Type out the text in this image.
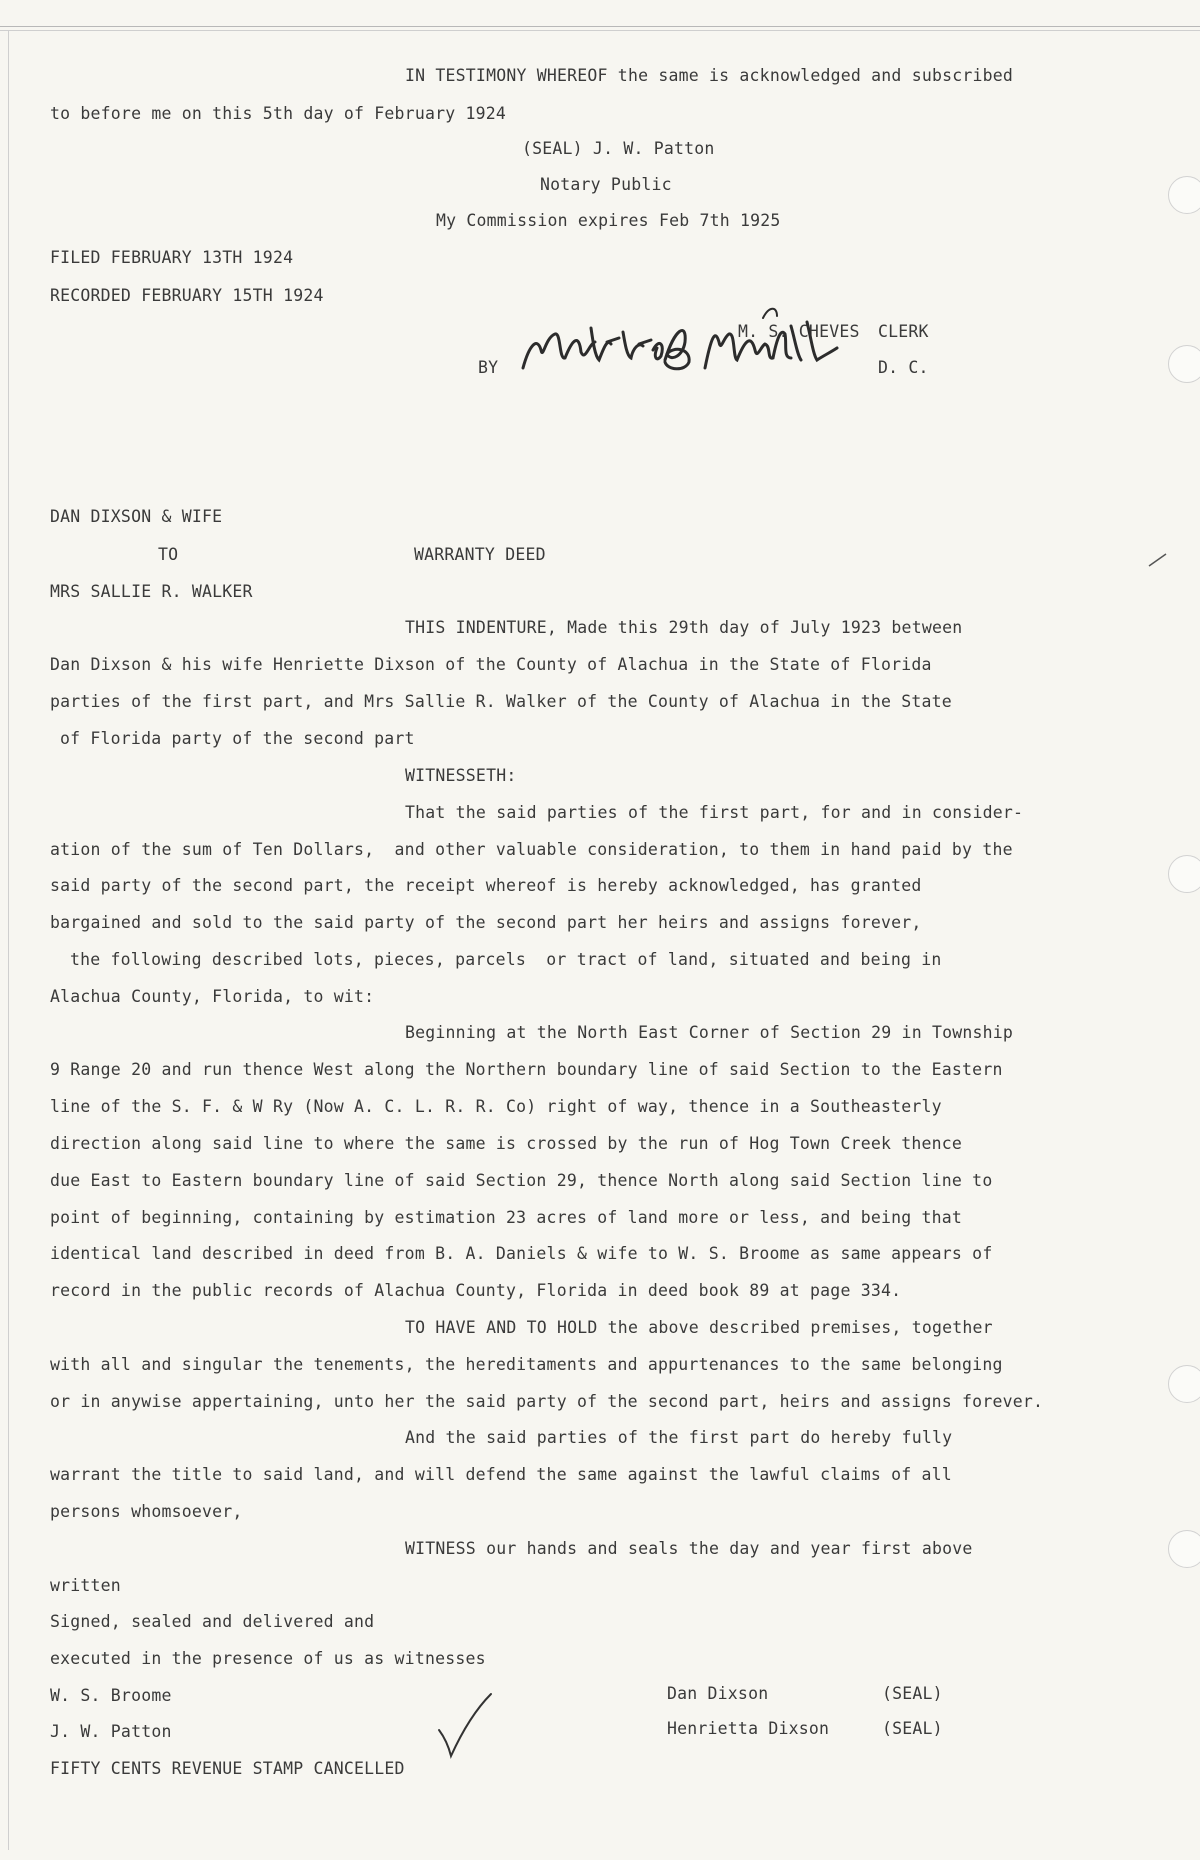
IN TESTIMONY WHEREOF the same is acknowledged and subscribed
to before me on this 5th day of February 1924
(SEAL) J. W. Patton
Notary Public
My Commission expires Feb 7th 1925
FILED FEBRUARY 13TH 1924
RECORDED FEBRUARY 15TH 1924
M. S. CHEVES CLERK
BY	D. C.
DAN DIXSON & WIFE
TO	WARRANTY DEED
MRS SALLIE R. WALKER
THIS INDENTURE, Made this 29th day of July 1923 between
Dan Dixson & his wife Henriette Dixson of the County of Alachua in the State of Florida
parties of the first part, and Mrs Sallie R. Walker of the County of Alachua in the State
of Florida party of the second part
WITNESSETH:
That the said parties of the first part, for and in consider-
ation of the sum of Ten Dollars,  and other valuable consideration, to them in hand paid by the
said party of the second part, the receipt whereof is hereby acknowledged, has granted
bargained and sold to the said party of the second part her heirs and assigns forever,
the following described lots, pieces, parcels  or tract of land, situated and being in
Alachua County, Florida, to wit:
Beginning at the North East Corner of Section 29 in Township
9 Range 20 and run thence West along the Northern boundary line of said Section to the Eastern
line of the S. F. & W Ry (Now A. C. L. R. R. Co) right of way, thence in a Southeasterly
direction along said line to where the same is crossed by the run of Hog Town Creek thence
due East to Eastern boundary line of said Section 29, thence North along said Section line to
point of beginning, containing by estimation 23 acres of land more or less, and being that
identical land described in deed from B. A. Daniels & wife to W. S. Broome as same appears of
record in the public records of Alachua County, Florida in deed book 89 at page 334.
TO HAVE AND TO HOLD the above described premises, together
with all and singular the tenements, the hereditaments and appurtenances to the same belonging
or in anywise appertaining, unto her the said party of the second part, heirs and assigns forever.
And the said parties of the first part do hereby fully
warrant the title to said land, and will defend the same against the lawful claims of all
persons whomsoever,
WITNESS our hands and seals the day and year first above
written
Signed, sealed and delivered and
executed in the presence of us as witnesses
W. S. Broome
J. W. Patton
Dan Dixson	(SEAL)
Henrietta Dixson	(SEAL)
FIFTY CENTS REVENUE STAMP CANCELLED
